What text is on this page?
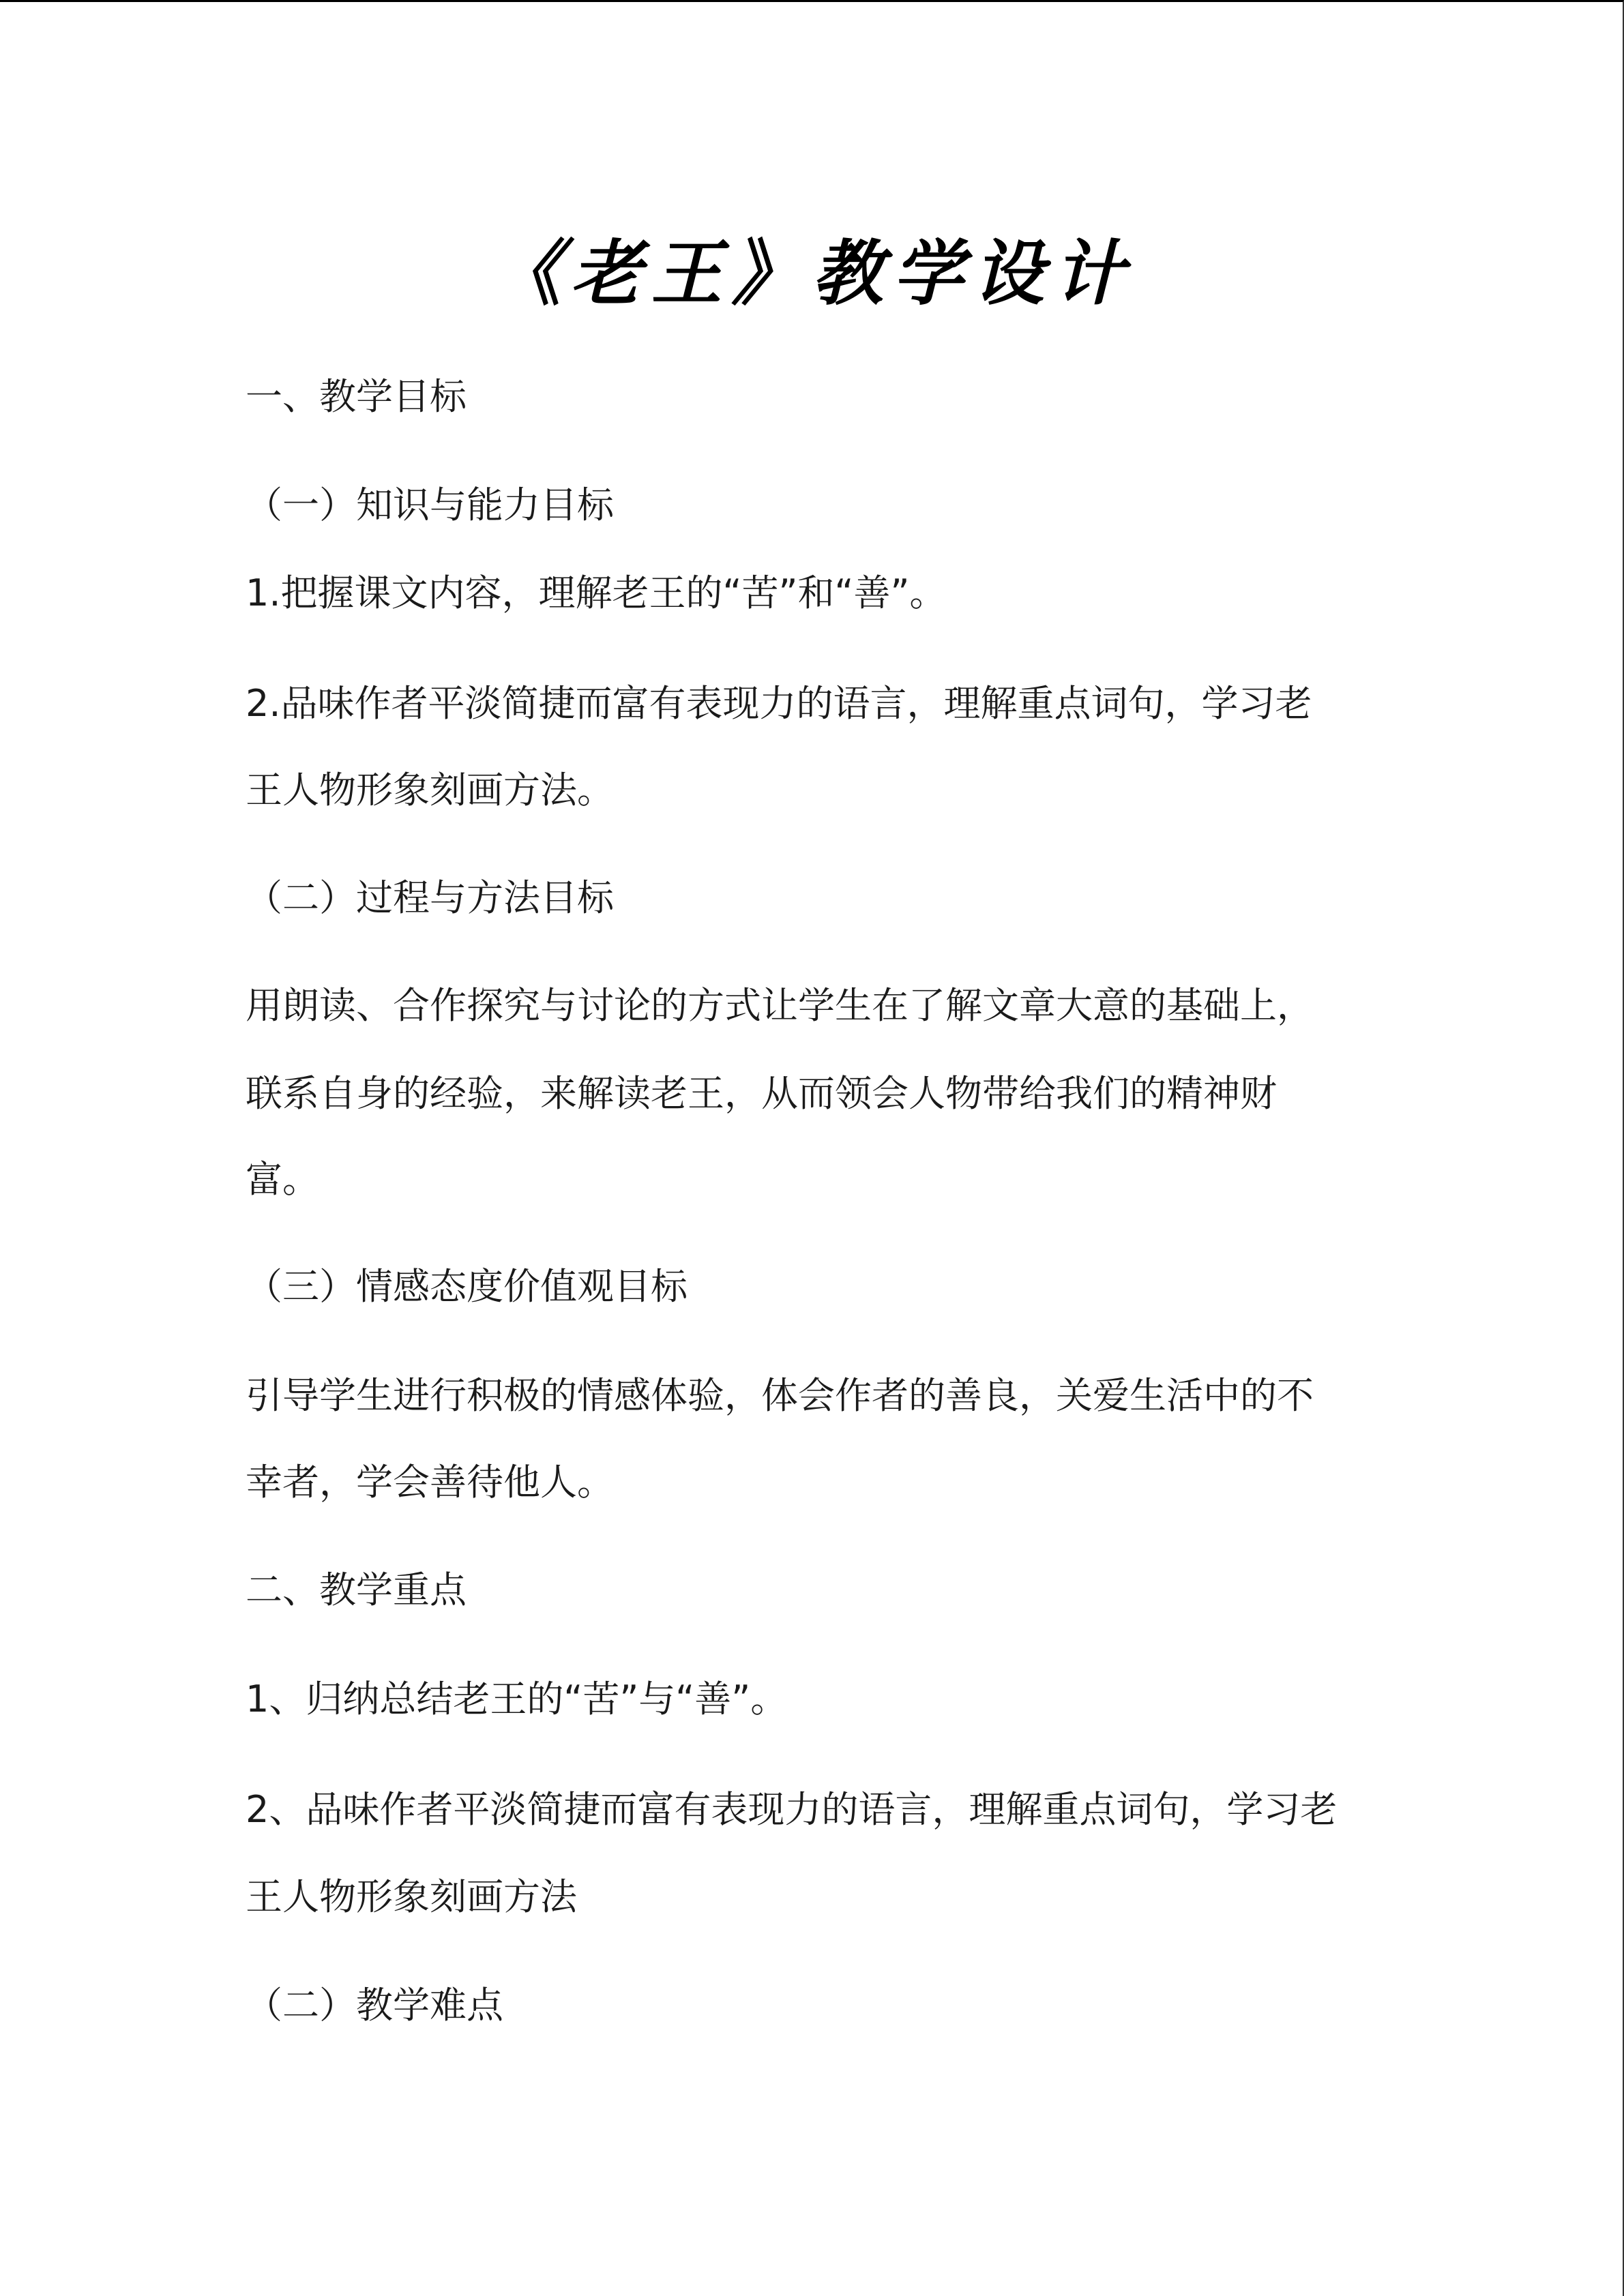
《老王》教学设计
一、教学目标
（一）知识与能力目标
1.把握课文内容，理解老王的“苦”和“善”。
2.品味作者平淡简捷而富有表现力的语言，理解重点词句，学习老
王人物形象刻画方法。
（二）过程与方法目标
用朗读、合作探究与讨论的方式让学生在了解文章大意的基础上，
联系自身的经验，来解读老王，从而领会人物带给我们的精神财
富。
（三）情感态度价值观目标
引导学生进行积极的情感体验，体会作者的善良，关爱生活中的不
幸者，学会善待他人。
二、教学重点
1、归纳总结老王的“苦”与“善”。
2、品味作者平淡简捷而富有表现力的语言，理解重点词句，学习老
王人物形象刻画方法
（二）教学难点
